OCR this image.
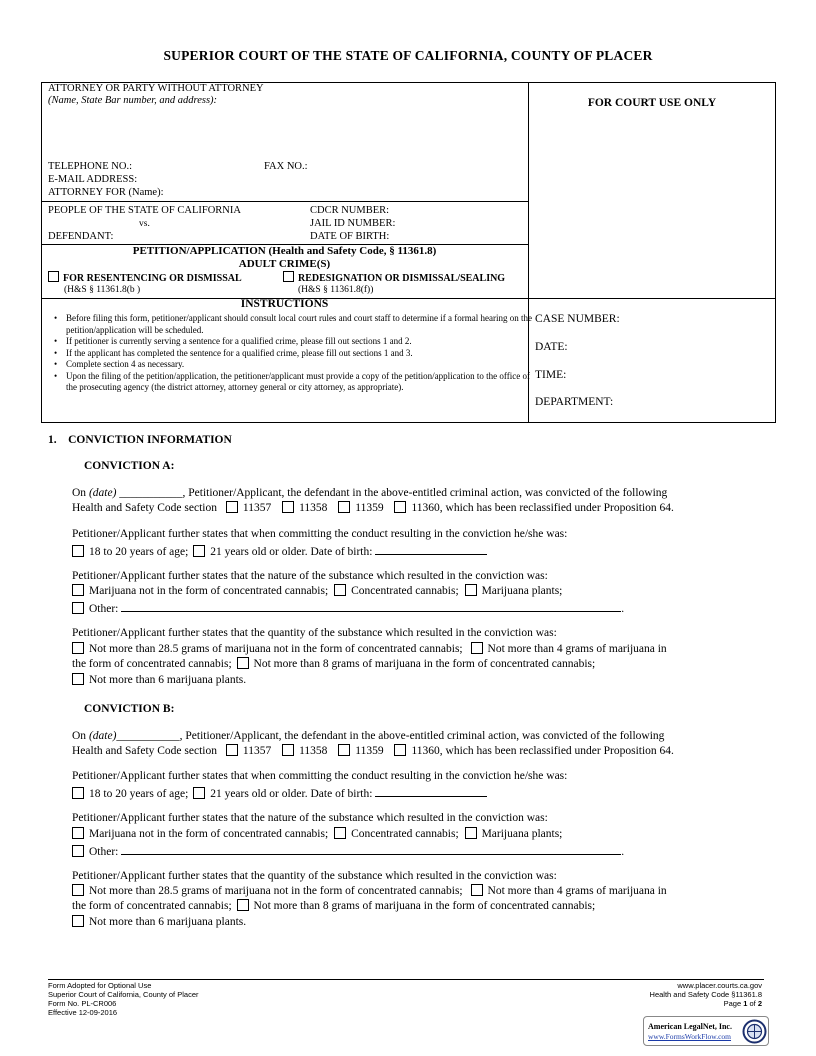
SUPERIOR COURT OF THE STATE OF CALIFORNIA, COUNTY OF PLACER
ATTORNEY OR PARTY WITHOUT ATTORNEY
(Name, State Bar number, and address):	FOR COURT USE ONLY
TELEPHONE NO.:	FAX NO.:
E-MAIL ADDRESS:
ATTORNEY FOR (Name):
PEOPLE OF THE STATE OF CALIFORNIA
vs.
DEFENDANT:
CDCR NUMBER:
JAIL ID NUMBER:
DATE OF BIRTH:
PETITION/APPLICATION (Health and Safety Code, § 11361.8)
ADULT CRIME(S)
FOR RESENTENCING OR DISMISSAL
(H&S § 11361.8(b )
REDESIGNATION OR DISMISSAL/SEALING
(H&S § 11361.8(f))
INSTRUCTIONS
• Before filing this form, petitioner/applicant should consult local court rules and court staff to determine if a formal hearing on the petition/application will be scheduled.
• If petitioner is currently serving a sentence for a qualified crime, please fill out sections 1 and 2.
• If the applicant has completed the sentence for a qualified crime, please fill out sections 1 and 3.
• Complete section 4 as necessary.
• Upon the filing of the petition/application, the petitioner/applicant must provide a copy of the petition/application to the office of the prosecuting agency (the district attorney, attorney general or city attorney, as appropriate).
CASE NUMBER:
DATE:
TIME:
DEPARTMENT:
1.    CONVICTION INFORMATION
CONVICTION A:
On (date) ___________, Petitioner/Applicant, the defendant in the above-entitled criminal action, was convicted of the following
Health and Safety Code section 11357 11358 11359 11360, which has been reclassified under Proposition 64.
Petitioner/Applicant further states that when committing the conduct resulting in the conviction he/she was:
18 to 20 years of age; 21 years old or older. Date of birth:
Petitioner/Applicant further states that the nature of the substance which resulted in the conviction was:
Marijuana not in the form of concentrated cannabis; Concentrated cannabis; Marijuana plants;
Other:	.
Petitioner/Applicant further states that the quantity of the substance which resulted in the conviction was:
Not more than 28.5 grams of marijuana not in the form of concentrated cannabis; Not more than 4 grams of marijuana in
the form of concentrated cannabis; Not more than 8 grams of marijuana in the form of concentrated cannabis;
Not more than 6 marijuana plants.
CONVICTION B:
On (date)___________, Petitioner/Applicant, the defendant in the above-entitled criminal action, was convicted of the following
Health and Safety Code section 11357 11358 11359 11360, which has been reclassified under Proposition 64.
Petitioner/Applicant further states that when committing the conduct resulting in the conviction he/she was:
18 to 20 years of age; 21 years old or older. Date of birth:
Petitioner/Applicant further states that the nature of the substance which resulted in the conviction was:
Marijuana not in the form of concentrated cannabis; Concentrated cannabis; Marijuana plants;
Other:	.
Petitioner/Applicant further states that the quantity of the substance which resulted in the conviction was:
Not more than 28.5 grams of marijuana not in the form of concentrated cannabis; Not more than 4 grams of marijuana in
the form of concentrated cannabis; Not more than 8 grams of marijuana in the form of concentrated cannabis;
Not more than 6 marijuana plants.
Form Adopted for Optional Use
Superior Court of California, County of Placer
Form No. PL-CR006
Effective 12-09-2016
www.placer.courts.ca.gov
Health and Safety Code §11361.8
Page 1 of 2
American LegalNet, Inc.
www.FormsWorkFlow.com
